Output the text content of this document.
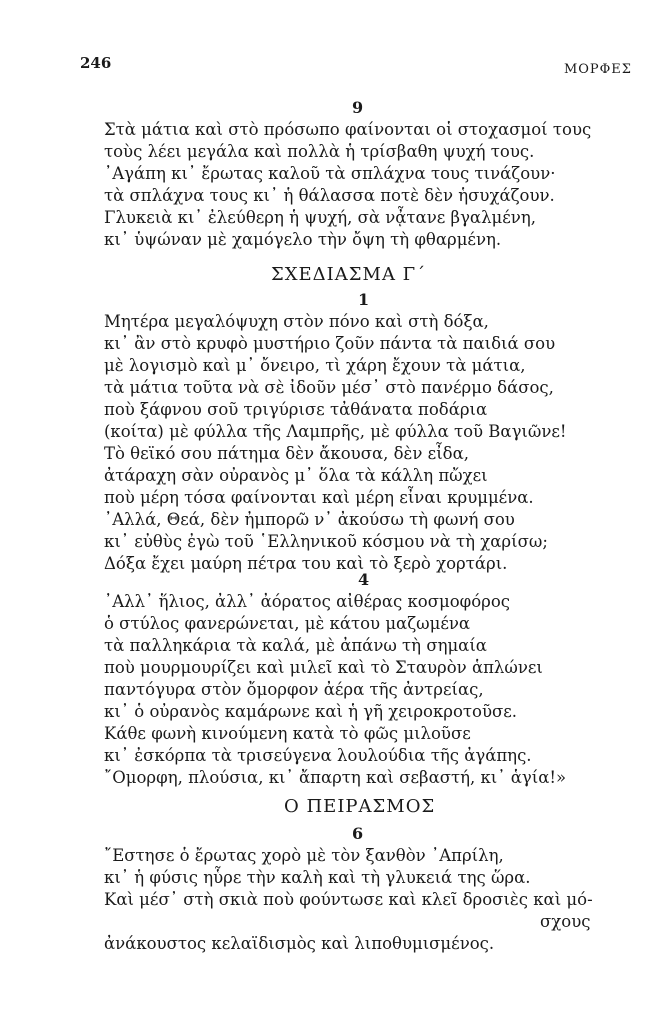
246	ΜΟΡΦΕΣ
9
Στὰ μάτια καὶ στὸ πρόσωπο φαίνονται οἱ στοχασμοί τους
τοὺς λέει μεγάλα καὶ πολλὰ ἡ τρίσβαθη ψυχή τους.
᾿Αγάπη κι᾿ ἔρωτας καλοῦ τὰ σπλάχνα τους τινάζουν·
τὰ σπλάχνα τους κι᾿ ἡ θάλασσα ποτὲ δὲν ἡσυχάζουν.
Γλυκειὰ κι᾿ ἐλεύθερη ἡ ψυχή, σὰ νᾆτανε βγαλμένη,
κι᾿ ὑψώναν μὲ χαμόγελο τὴν ὄψη τὴ φθαρμένη.
ΣΧΕΔΙΑΣΜΑ Γ΄
1
Μητέρα μεγαλόψυχη στὸν πόνο καὶ στὴ δόξα,
κι᾿ ἂν στὸ κρυφὸ μυστήριο ζοῦν πάντα τὰ παιδιά σου
μὲ λογισμὸ καὶ μ᾿ ὄνειρο, τὶ χάρη ἔχουν τὰ μάτια,
τὰ μάτια τοῦτα νὰ σὲ ἰδοῦν μέσ᾿ στὸ πανέρμο δάσος,
ποὺ ξάφνου σοῦ τριγύρισε τἀθάνατα ποδάρια
(κοίτα) μὲ φύλλα τῆς Λαμπρῆς, μὲ φύλλα τοῦ Βαγιῶνε!
Τὸ θεϊκό σου πάτημα δὲν ἄκουσα, δὲν εἶδα,
ἀτάραχη σὰν οὐρανὸς μ᾿ ὅλα τὰ κάλλη πὤχει
ποὺ μέρη τόσα φαίνονται καὶ μέρη εἶναι κρυμμένα.
᾿Αλλά, Θεά, δὲν ἠμπορῶ ν᾿ ἀκούσω τὴ φωνή σου
κι᾿ εὐθὺς ἐγὼ τοῦ ῾Ελληνικοῦ κόσμου νὰ τὴ χαρίσω;
Δόξα ἔχει μαύρη πέτρα του καὶ τὸ ξερὸ χορτάρι.
4
᾿Αλλ᾿ ἥλιος, ἀλλ᾿ ἀόρατος αἰθέρας κοσμοφόρος
ὁ στύλος φανερώνεται, μὲ κάτου μαζωμένα
τὰ παλληκάρια τὰ καλά, μὲ ἀπάνω τὴ σημαία
ποὺ μουρμουρίζει καὶ μιλεῖ καὶ τὸ Σταυρὸν ἁπλώνει
παντόγυρα στὸν ὄμορφον ἀέρα τῆς ἀντρείας,
κι᾿ ὁ οὐρανὸς καμάρωνε καὶ ἡ γῆ χειροκροτοῦσε.
Κάθε φωνὴ κινούμενη κατὰ τὸ φῶς μιλοῦσε
κι᾿ ἐσκόρπα τὰ τρισεύγενα λουλούδια τῆς ἀγάπης.
῎Ομορφη, πλούσια, κι᾿ ἄπαρτη καὶ σεβαστή, κι᾿ ἁγία!»
Ο ΠΕΙΡΑΣΜΟΣ
6
῎Εστησε ὁ ἔρωτας χορὸ μὲ τὸν ξανθὸν ᾿Απρίλη,
κι᾿ ἡ φύσις ηὗρε τὴν καλὴ καὶ τὴ γλυκειά της ὥρα.
Καὶ μέσ᾿ στὴ σκιὰ ποὺ φούντωσε καὶ κλεῖ δροσιὲς καὶ μό-
σχους
ἀνάκουστος κελαϊδισμὸς καὶ λιποθυμισμένος.
